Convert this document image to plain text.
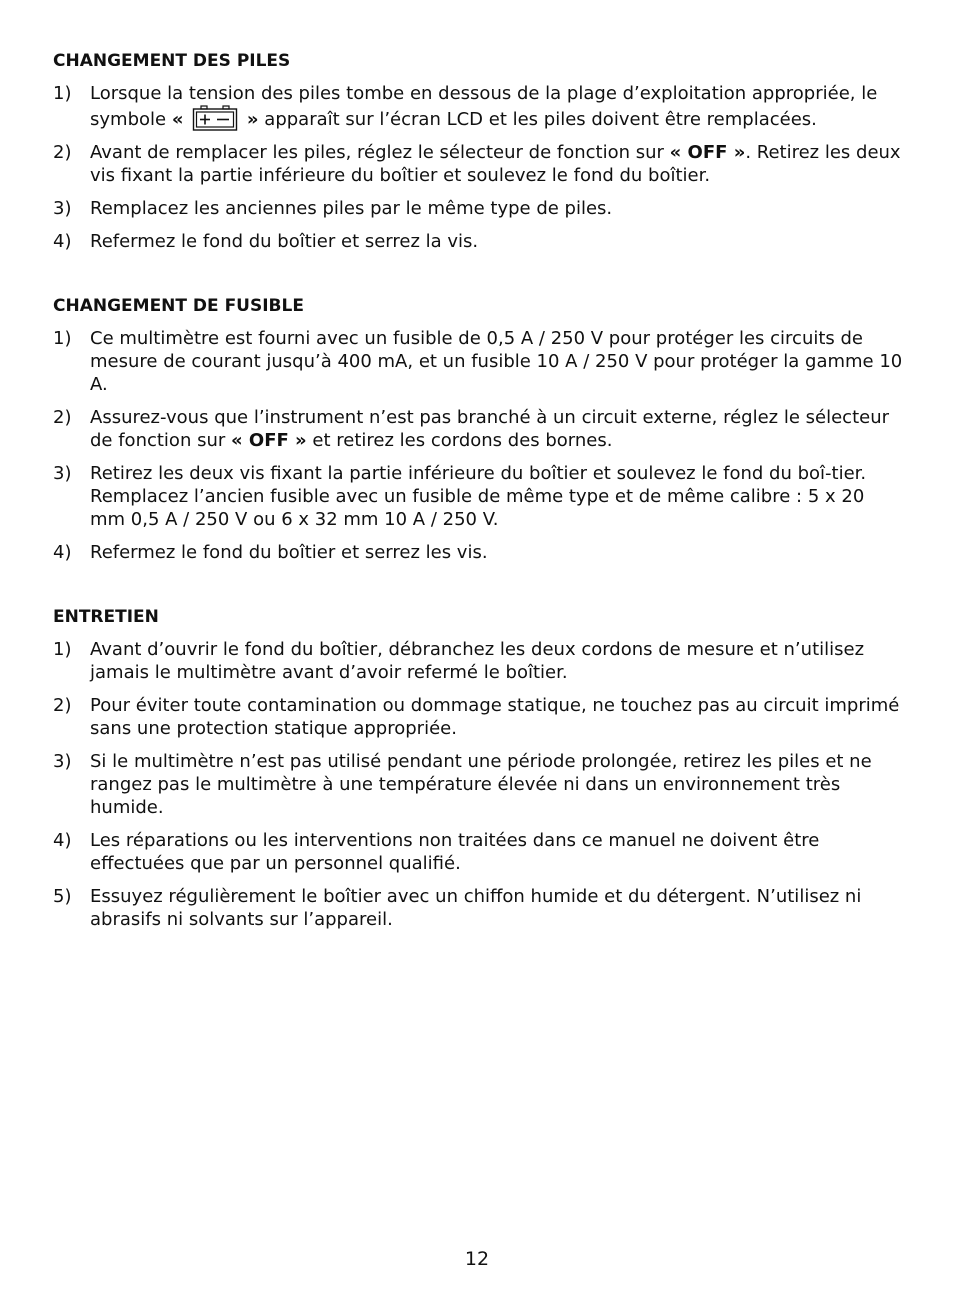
CHANGEMENT DES PILES
1)	Lorsque la tension des piles tombe en dessous de la plage d’exploitation appropriée, le symbole «	» apparaît sur l’écran LCD et les piles doivent être remplacées.
2)	Avant de remplacer les piles, réglez le sélecteur de fonction sur « OFF ». Retirez les deux vis fixant la partie inférieure du boîtier et soulevez le fond du boîtier.
3)	Remplacez les anciennes piles par le même type de piles.
4)	Refermez le fond du boîtier et serrez la vis.
CHANGEMENT DE FUSIBLE
1)	Ce multimètre est fourni avec un fusible de 0,5 A / 250 V pour protéger les circuits de mesure de courant jusqu’à 400 mA, et un fusible 10 A / 250 V pour protéger la gamme 10 A.
2)	Assurez-vous que l’instrument n’est pas branché à un circuit externe, réglez le sélecteur de fonction sur « OFF » et retirez les cordons des bornes.
3)	Retirez les deux vis fixant la partie inférieure du boîtier et soulevez le fond du boî-tier. Remplacez l’ancien fusible avec un fusible de même type et de même calibre : 5 x 20 mm 0,5 A / 250 V ou 6 x 32 mm 10 A / 250 V.
4)	Refermez le fond du boîtier et serrez les vis.
ENTRETIEN
1)	Avant d’ouvrir le fond du boîtier, débranchez les deux cordons de mesure et n’utilisez jamais le multimètre avant d’avoir refermé le boîtier.
2)	Pour éviter toute contamination ou dommage statique, ne touchez pas au circuit imprimé sans une protection statique appropriée.
3)	Si le multimètre n’est pas utilisé pendant une période prolongée, retirez les piles et ne rangez pas le multimètre à une température élevée ni dans un environnement très humide.
4)	Les réparations ou les interventions non traitées dans ce manuel ne doivent être effectuées que par un personnel qualifié.
5)	Essuyez régulièrement le boîtier avec un chiffon humide et du détergent. N’utilisez ni abrasifs ni solvants sur l’appareil.
12
